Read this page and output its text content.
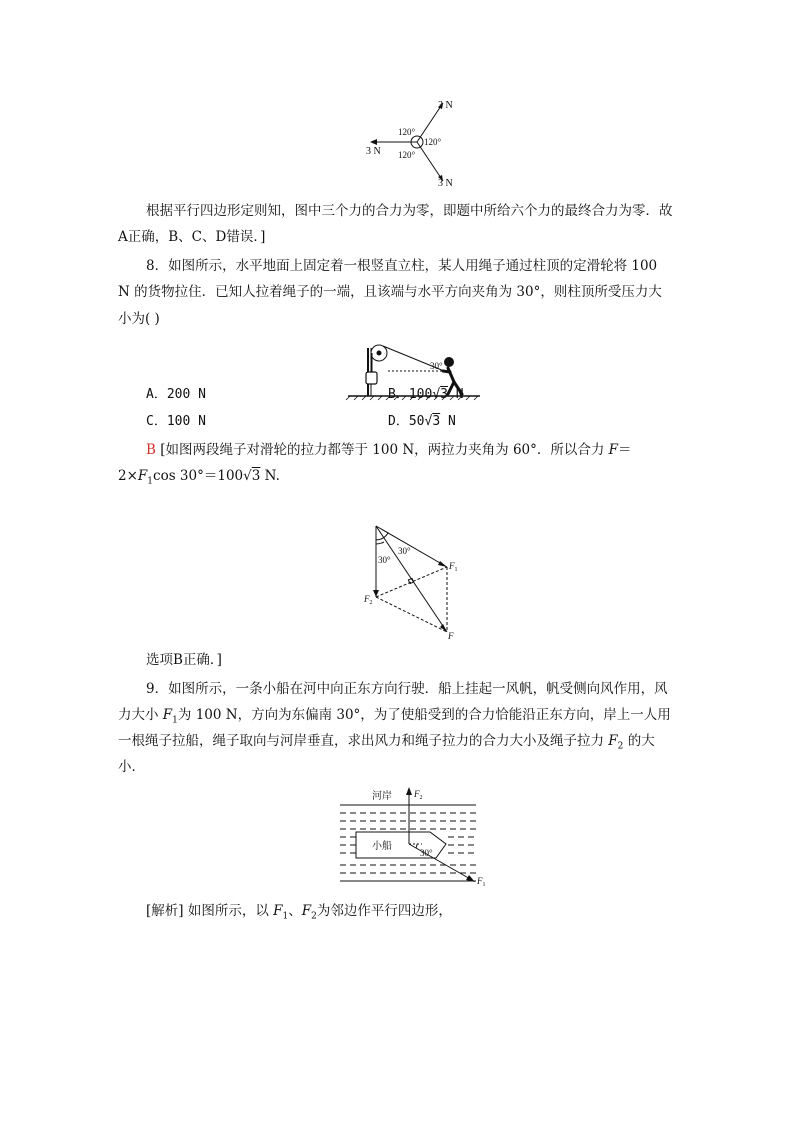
3 N
3 N
3 N
120°
120°
120°
根据平行四边形定则知，图中三个力的合力为零，即题中所给六个力的最终合力为零．故
A正确，B、C、D错误．]
8．如图所示，水平地面上固定着一根竖直立柱，某人用绳子通过柱顶的定滑轮将 100
N 的货物拉住．已知人拉着绳子的一端，且该端与水平方向夹角为 30°，则柱顶所受压力大
小为( )
30°
A．200 N	B．100√3 N
C．100 N	D．50√3 N
B [如图两段绳子对滑轮的拉力都等于 100 N，两拉力夹角为 60°．所以合力 F＝
$2\times F_1\cos$ 30°＝100√3 N.
30°
30°
$F_1$
$F_2$
F
选项B正确．]
9．如图所示，一条小船在河中向正东方向行驶．船上挂起一风帆，帆受侧向风作用，风
力大小 $F_1$为 100 N，方向为东偏南 30°，为了使船受到的合力恰能沿正东方向，岸上一人用
一根绳子拉船，绳子取向与河岸垂直，求出风力和绳子拉力的合力大小及绳子拉力 $F_2$ 的大
小．
河岸 $F_2$
小船
30°
$F_1$
[解析] 如图所示，以 $F_1$、$F_2$为邻边作平行四边形，
